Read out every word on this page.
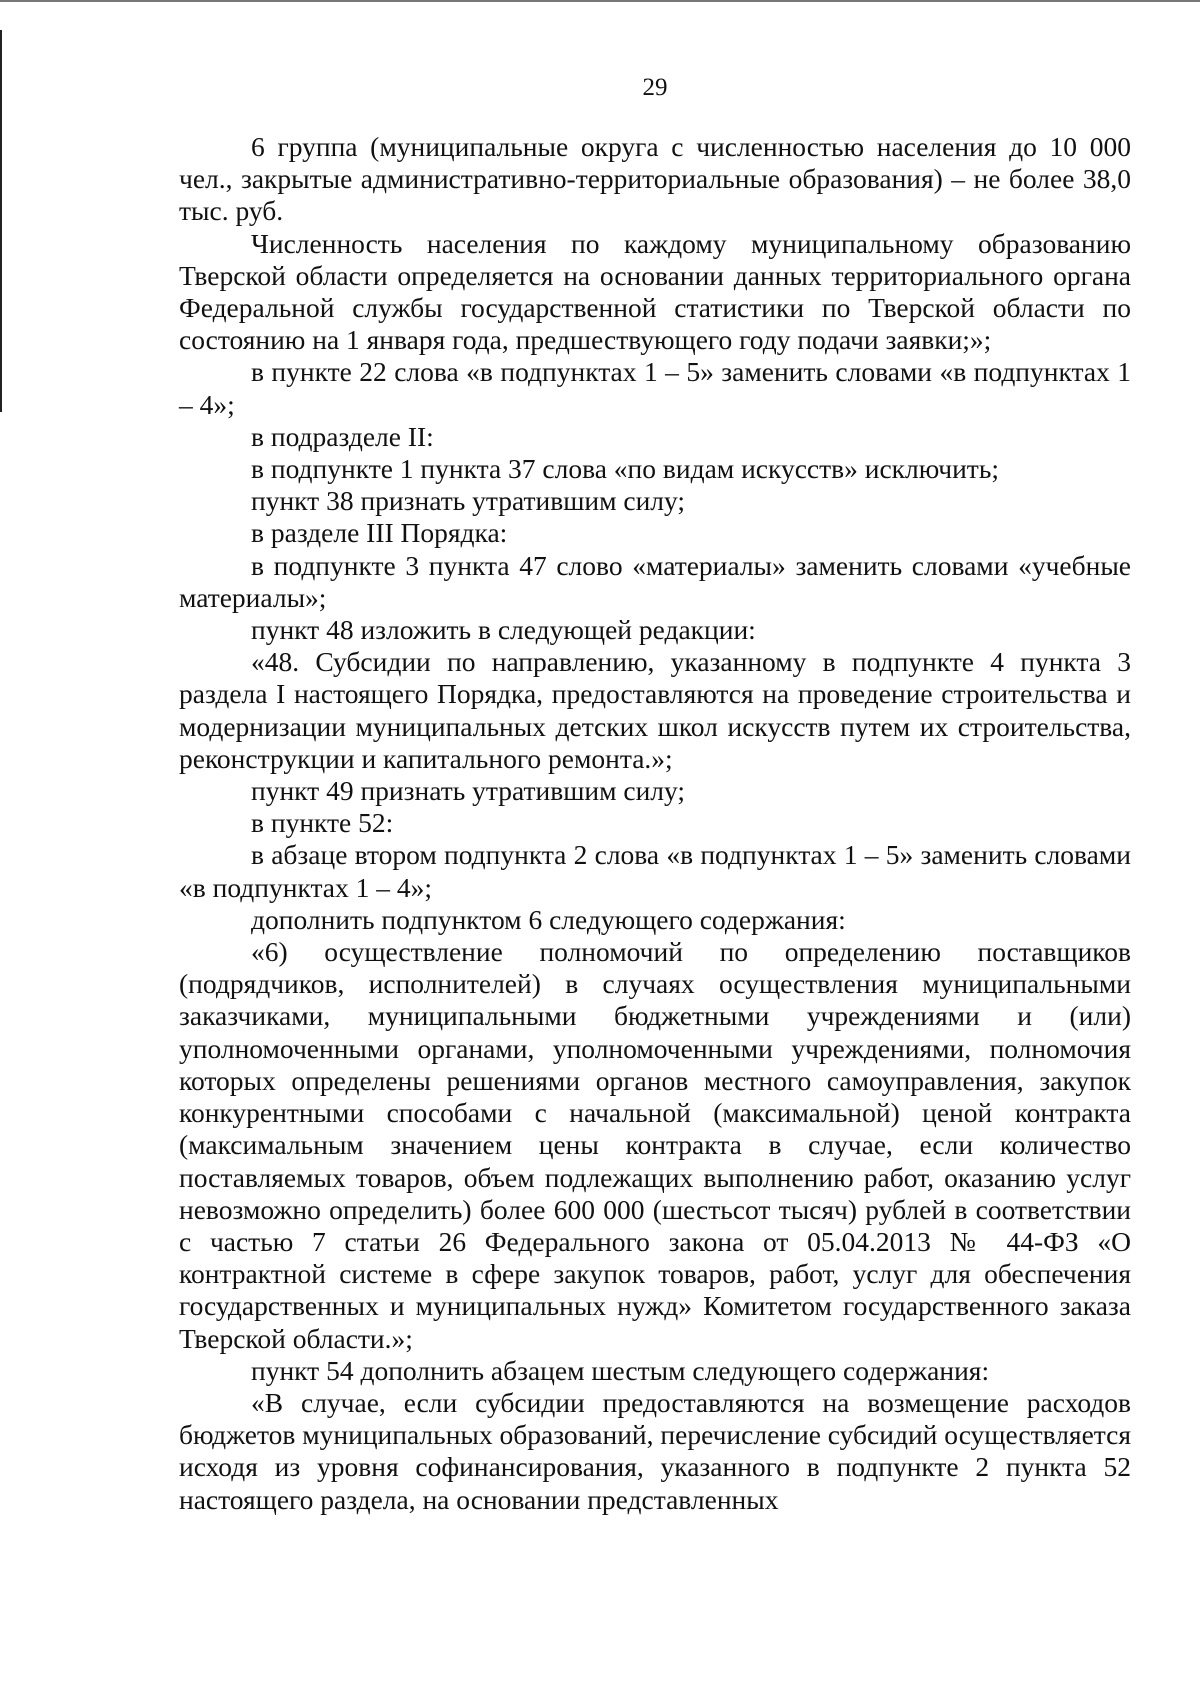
29

6 группа (муниципальные округа с численностью населения до 10 000 чел., закрытые административно-территориальные образования) – не более 38,0 тыс. руб.

Численность населения по каждому муниципальному образованию Тверской области определяется на основании данных территориального органа Федеральной службы государственной статистики по Тверской области по состоянию на 1 января года, предшествующего году подачи заявки;»;

в пункте 22 слова «в подпунктах 1 – 5» заменить словами «в подпунктах 1 – 4»;

в подразделе II:

в подпункте 1 пункта 37 слова «по видам искусств» исключить;

пункт 38 признать утратившим силу;

в разделе III Порядка:

в подпункте 3 пункта 47 слово «материалы» заменить словами «учебные материалы»;

пункт 48 изложить в следующей редакции:

«48. Субсидии по направлению, указанному в подпункте 4 пункта 3 раздела I настоящего Порядка, предоставляются на проведение строительства и модернизации муниципальных детских школ искусств путем их строительства, реконструкции и капитального ремонта.»;

пункт 49 признать утратившим силу;

в пункте 52:

в абзаце втором подпункта 2 слова «в подпунктах 1 – 5» заменить словами «в подпунктах 1 – 4»;

дополнить подпунктом 6 следующего содержания:

«6) осуществление полномочий по определению поставщиков (подрядчиков, исполнителей) в случаях осуществления муниципальными заказчиками, муниципальными бюджетными учреждениями и (или) уполномоченными органами, уполномоченными учреждениями, полномочия которых определены решениями органов местного самоуправления, закупок конкурентными способами с начальной (максимальной) ценой контракта (максимальным значением цены контракта в случае, если количество поставляемых товаров, объем подлежащих выполнению работ, оказанию услуг невозможно определить) более 600 000 (шестьсот тысяч) рублей в соответствии с частью 7 статьи 26 Федерального закона от 05.04.2013 № 44-ФЗ «О контрактной системе в сфере закупок товаров, работ, услуг для обеспечения государственных и муниципальных нужд» Комитетом государственного заказа Тверской области.»;

пункт 54 дополнить абзацем шестым следующего содержания:

«В случае, если субсидии предоставляются на возмещение расходов бюджетов муниципальных образований, перечисление субсидий осуществляется исходя из уровня софинансирования, указанного в подпункте 2 пункта 52 настоящего раздела, на основании представленных
